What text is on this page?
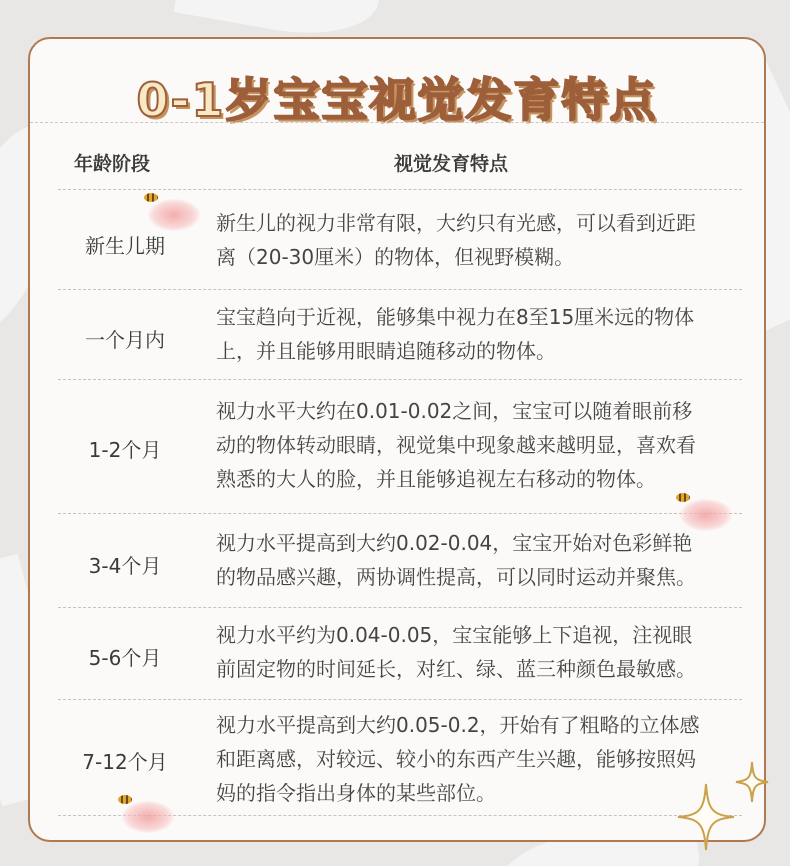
0-1岁宝宝视觉发育特点
年龄阶段	视觉发育特点
新生儿期
新生儿的视力非常有限，大约只有光感，可以看到近距
离（20-30厘米）的物体，但视野模糊。
一个月内
宝宝趋向于近视，能够集中视力在8至15厘米远的物体
上，并且能够用眼睛追随移动的物体。
1-2个月
视力水平大约在0.01-0.02之间，宝宝可以随着眼前移
动的物体转动眼睛，视觉集中现象越来越明显，喜欢看
熟悉的大人的脸，并且能够追视左右移动的物体。
3-4个月
视力水平提高到大约0.02-0.04，宝宝开始对色彩鲜艳
的物品感兴趣，两协调性提高，可以同时运动并聚焦。
5-6个月
视力水平约为0.04-0.05，宝宝能够上下追视，注视眼
前固定物的时间延长，对红、绿、蓝三种颜色最敏感。
7-12个月
视力水平提高到大约0.05-0.2，开始有了粗略的立体感
和距离感，对较远、较小的东西产生兴趣，能够按照妈
妈的指令指出身体的某些部位。
